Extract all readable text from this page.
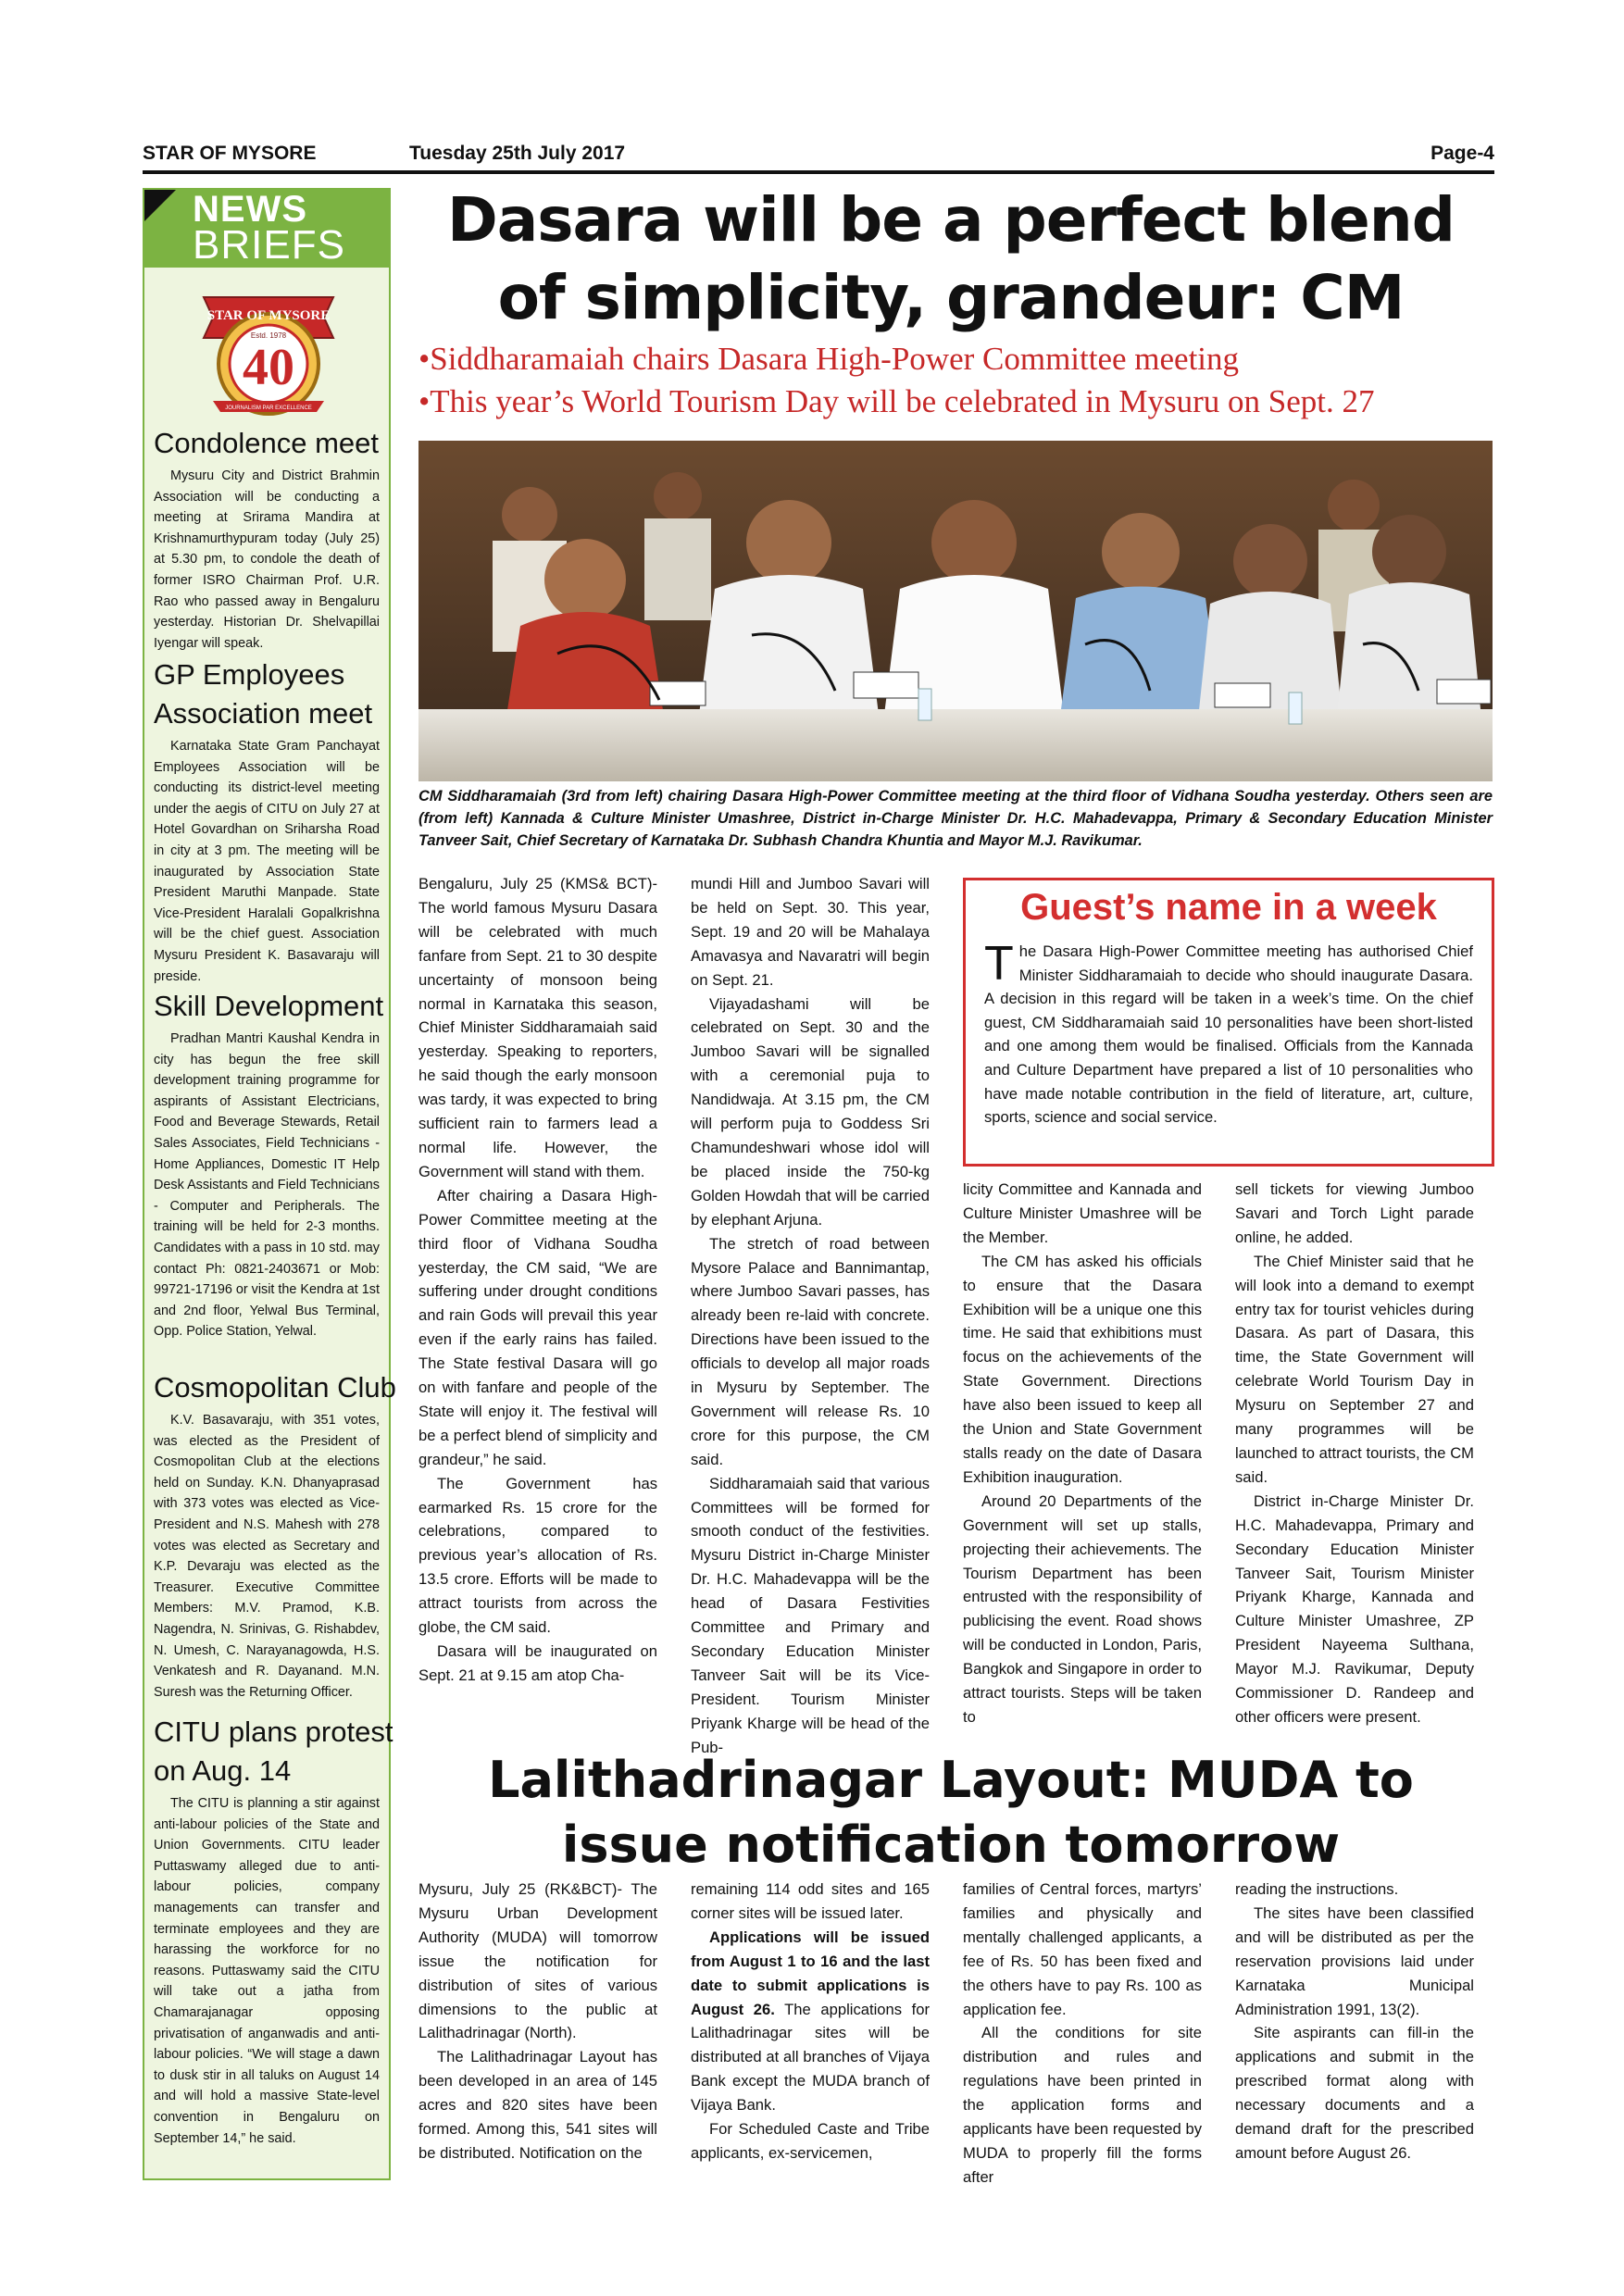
STAR OF MYSORE	Tuesday 25th July 2017	Page-4
NEWS
BRIEFS
STAR OF MYSORE
Estd. 1978
40
JOURNALISM PAR EXCELLENCE
Condolence meet

Mysuru City and District Brahmin Association will be conducting a meeting at Srirama Mandira at Krishnamurthypuram today (July 25) at 5.30 pm, to condole the death of former ISRO Chairman Prof. U.R. Rao who passed away in Bengaluru yesterday. Historian Dr. Shelvapillai Iyengar will speak.

GP Employees
Association meet

Karnataka State Gram Panchayat Employees Association will be conducting its district-level meeting under the aegis of CITU on July 27 at Hotel Govardhan on Sriharsha Road in city at 3 pm. The meeting will be inaugurated by Association State President Maruthi Manpade. State Vice-President Haralali Gopalkrishna will be the chief guest. Association Mysuru President K. Basavaraju will preside.

Skill Development

Pradhan Mantri Kaushal Kendra in city has begun the free skill development training programme for aspirants of Assistant Electricians, Food and Beverage Stewards, Retail Sales Associates, Field Technicians - Home Appliances, Domestic IT Help Desk Assistants and Field Technicians - Computer and Peripherals. The training will be held for 2-3 months. Candidates with a pass in 10 std. may contact Ph: 0821-2403671 or Mob: 99721-17196 or visit the Kendra at 1st and 2nd floor, Yelwal Bus Terminal, Opp. Police Station, Yelwal.

Cosmopolitan Club

K.V. Basavaraju, with 351 votes, was elected as the President of Cosmopolitan Club at the elections held on Sunday. K.N. Dhanyaprasad with 373 votes was elected as Vice-President and N.S. Mahesh with 278 votes was elected as Secretary and K.P. Devaraju was elected as the Treasurer. Executive Committee Members: M.V. Pramod, K.B. Nagendra, N. Srinivas, G. Rishabdev, N. Umesh, C. Narayanagowda, H.S. Venkatesh and R. Dayanand. M.N. Suresh was the Returning Officer.

CITU plans protest
on Aug. 14

The CITU is planning a stir against anti-labour policies of the State and Union Governments. CITU leader Puttaswamy alleged due to anti-labour policies, company managements can transfer and terminate employees and they are harassing the workforce for no reasons. Puttaswamy said the CITU will take out a jatha from Chamarajanagar opposing privatisation of anganwadis and anti-labour policies. “We will stage a dawn to dusk stir in all taluks on August 14 and will hold a massive State-level convention in Bengaluru on September 14,” he said.

Dasara will be a perfect blend
of simplicity, grandeur: CM
•Siddharamaiah chairs Dasara High-Power Committee meeting
•This year’s World Tourism Day will be celebrated in Mysuru on Sept. 27
CM Siddharamaiah (3rd from left) chairing Dasara High-Power Committee meeting at the third floor of Vidhana Soudha yesterday. Others seen are (from left) Kannada & Culture Minister Umashree, District in-Charge Minister Dr. H.C. Mahadevappa, Primary & Secondary Education Minister Tanveer Sait, Chief Secretary of Karnataka Dr. Subhash Chandra Khuntia and Mayor M.J. Ravikumar.

Bengaluru, July 25 (KMS& BCT)- The world famous Mysuru Dasara will be celebrated with much fanfare from Sept. 21 to 30 despite uncertainty of monsoon being normal in Karnataka this season, Chief Minister Siddharamaiah said yesterday. Speaking to reporters, he said though the early monsoon was tardy, it was expected to bring sufficient rain to farmers lead a normal life. However, the Government will stand with them.

After chairing a Dasara High-Power Committee meeting at the third floor of Vidhana Soudha yesterday, the CM said, “We are suffering under drought conditions and rain Gods will prevail this year even if the early rains has failed. The State festival Dasara will go on with fanfare and people of the State will enjoy it. The festival will be a perfect blend of simplicity and grandeur,” he said.

The Government has earmarked Rs. 15 crore for the celebrations, compared to previous year’s allocation of Rs. 13.5 crore. Efforts will be made to attract tourists from across the globe, the CM said.

Dasara will be inaugurated on Sept. 21 at 9.15 am atop Cha-

mundi Hill and Jumboo Savari will be held on Sept. 30. This year, Sept. 19 and 20 will be Mahalaya Amavasya and Navaratri will begin on Sept. 21.

Vijayadashami will be celebrated on Sept. 30 and the Jumboo Savari will be signalled with a ceremonial puja to Nandidwaja. At 3.15 pm, the CM will perform puja to Goddess Sri Chamundeshwari whose idol will be placed inside the 750-kg Golden Howdah that will be carried by elephant Arjuna.

The stretch of road between Mysore Palace and Bannimantap, where Jumboo Savari passes, has already been re-laid with concrete. Directions have been issued to the officials to develop all major roads in Mysuru by September. The Government will release Rs. 10 crore for this purpose, the CM said.

Siddharamaiah said that various Committees will be formed for smooth conduct of the festivities. Mysuru District in-Charge Minister Dr. H.C. Mahadevappa will be the head of Dasara Festivities Committee and Primary and Secondary Education Minister Tanveer Sait will be its Vice-President. Tourism Minister Priyank Kharge will be head of the Pub-

Guest’s name in a week

The Dasara High-Power Committee meeting has authorised Chief Minister Siddharamaiah to decide who should inaugurate Dasara. A decision in this regard will be taken in a week’s time. On the chief guest, CM Siddharamaiah said 10 personalities have been short-listed and one among them would be finalised. Officials from the Kannada and Culture Department have prepared a list of 10 personalities who have made notable contribution in the field of literature, art, culture, sports, science and social service.

licity Committee and Kannada and Culture Minister Umashree will be the Member.

The CM has asked his officials to ensure that the Dasara Exhibition will be a unique one this time. He said that exhibitions must focus on the achievements of the State Government. Directions have also been issued to keep all the Union and State Government stalls ready on the date of Dasara Exhibition inauguration.

Around 20 Departments of the Government will set up stalls, projecting their achievements. The Tourism Department has been entrusted with the responsibility of publicising the event. Road shows will be conducted in London, Paris, Bangkok and Singapore in order to attract tourists. Steps will be taken to

sell tickets for viewing Jumboo Savari and Torch Light parade online, he added.

The Chief Minister said that he will look into a demand to exempt entry tax for tourist vehicles during Dasara. As part of Dasara, this time, the State Government will celebrate World Tourism Day in Mysuru on September 27 and many programmes will be launched to attract tourists, the CM said.

District in-Charge Minister Dr. H.C. Mahadevappa, Primary and Secondary Education Minister Tanveer Sait, Tourism Minister Priyank Kharge, Kannada and Culture Minister Umashree, ZP President Nayeema Sulthana, Mayor M.J. Ravikumar, Deputy Commissioner D. Randeep and other officers were present.

Lalithadrinagar Layout: MUDA to
issue notification tomorrow

Mysuru, July 25 (RK&BCT)- The Mysuru Urban Development Authority (MUDA) will tomorrow issue the notification for distribution of sites of various dimensions to the public at Lalithadrinagar (North).

The Lalithadrinagar Layout has been developed in an area of 145 acres and 820 sites have been formed. Among this, 541 sites will be distributed. Notification on the

remaining 114 odd sites and 165 corner sites will be issued later.

Applications will be issued from August 1 to 16 and the last date to submit applications is August 26. The applications for Lalithadrinagar sites will be distributed at all branches of Vijaya Bank except the MUDA branch of Vijaya Bank.

For Scheduled Caste and Tribe applicants, ex-servicemen,

families of Central forces, martyrs’ families and physically and mentally challenged applicants, a fee of Rs. 50 has been fixed and the others have to pay Rs. 100 as application fee.

All the conditions for site distribution and rules and regulations have been printed in the application forms and applicants have been requested by MUDA to properly fill the forms after

reading the instructions.

The sites have been classified and will be distributed as per the reservation provisions laid under Karnataka Municipal Administration 1991, 13(2).

Site aspirants can fill-in the applications and submit in the prescribed format along with necessary documents and a demand draft for the prescribed amount before August 26.
